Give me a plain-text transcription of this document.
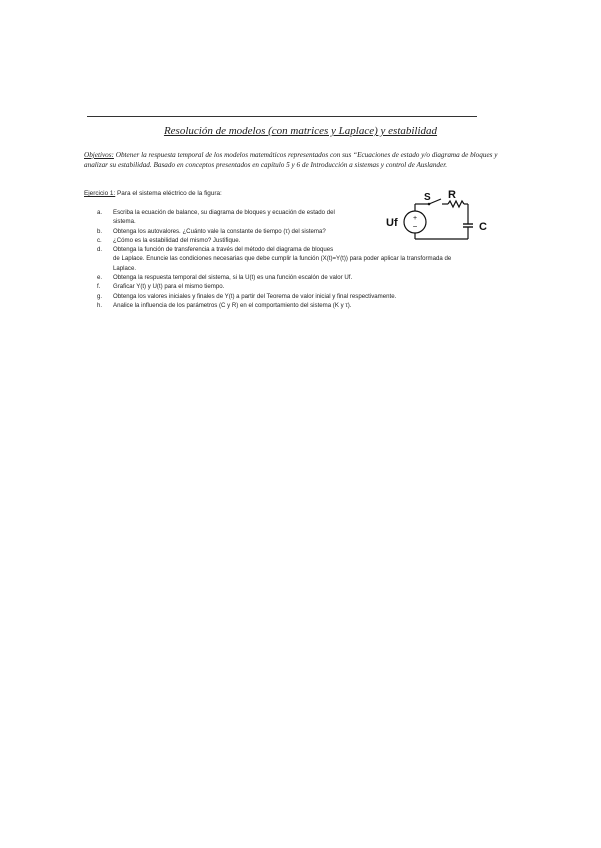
Resolución de modelos (con matrices y Laplace) y estabilidad
Objetivos: Obtener la respuesta temporal de los modelos matemáticos representados con sus “Ecuaciones de estado y/o diagrama de bloques y analizar su estabilidad. Basado en conceptos presentados en capítulo 5 y 6 de Introducción a sistemas y control de Auslander.
Ejercicio 1: Para el sistema eléctrico de la figura:
a. Escriba la ecuación de balance, su diagrama de bloques y ecuación de estado del
sistema.
b. Obtenga los autovalores. ¿Cuánto vale la constante de tiempo (τ) del sistema?
c. ¿Cómo es la estabilidad del mismo? Justifique.
d. Obtenga la función de transferencia a través del método del diagrama de bloques
de Laplace. Enuncie las condiciones necesarias que debe cumplir la función (X(t)=Y(t)) para poder aplicar la transformada de
Laplace.
e. Obtenga la respuesta temporal del sistema, si la U(t) es una función escalón de valor Uf.
f. Graficar Y(t) y U(t) para el mismo tiempo.
g. Obtenga los valores iniciales y finales de Y(t) a partir del Teorema de valor inicial y final respectivamente.
h. Analice la influencia de los parámetros (C y R) en el comportamiento del sistema (K y τ).
+
−
Uf
S R
C
